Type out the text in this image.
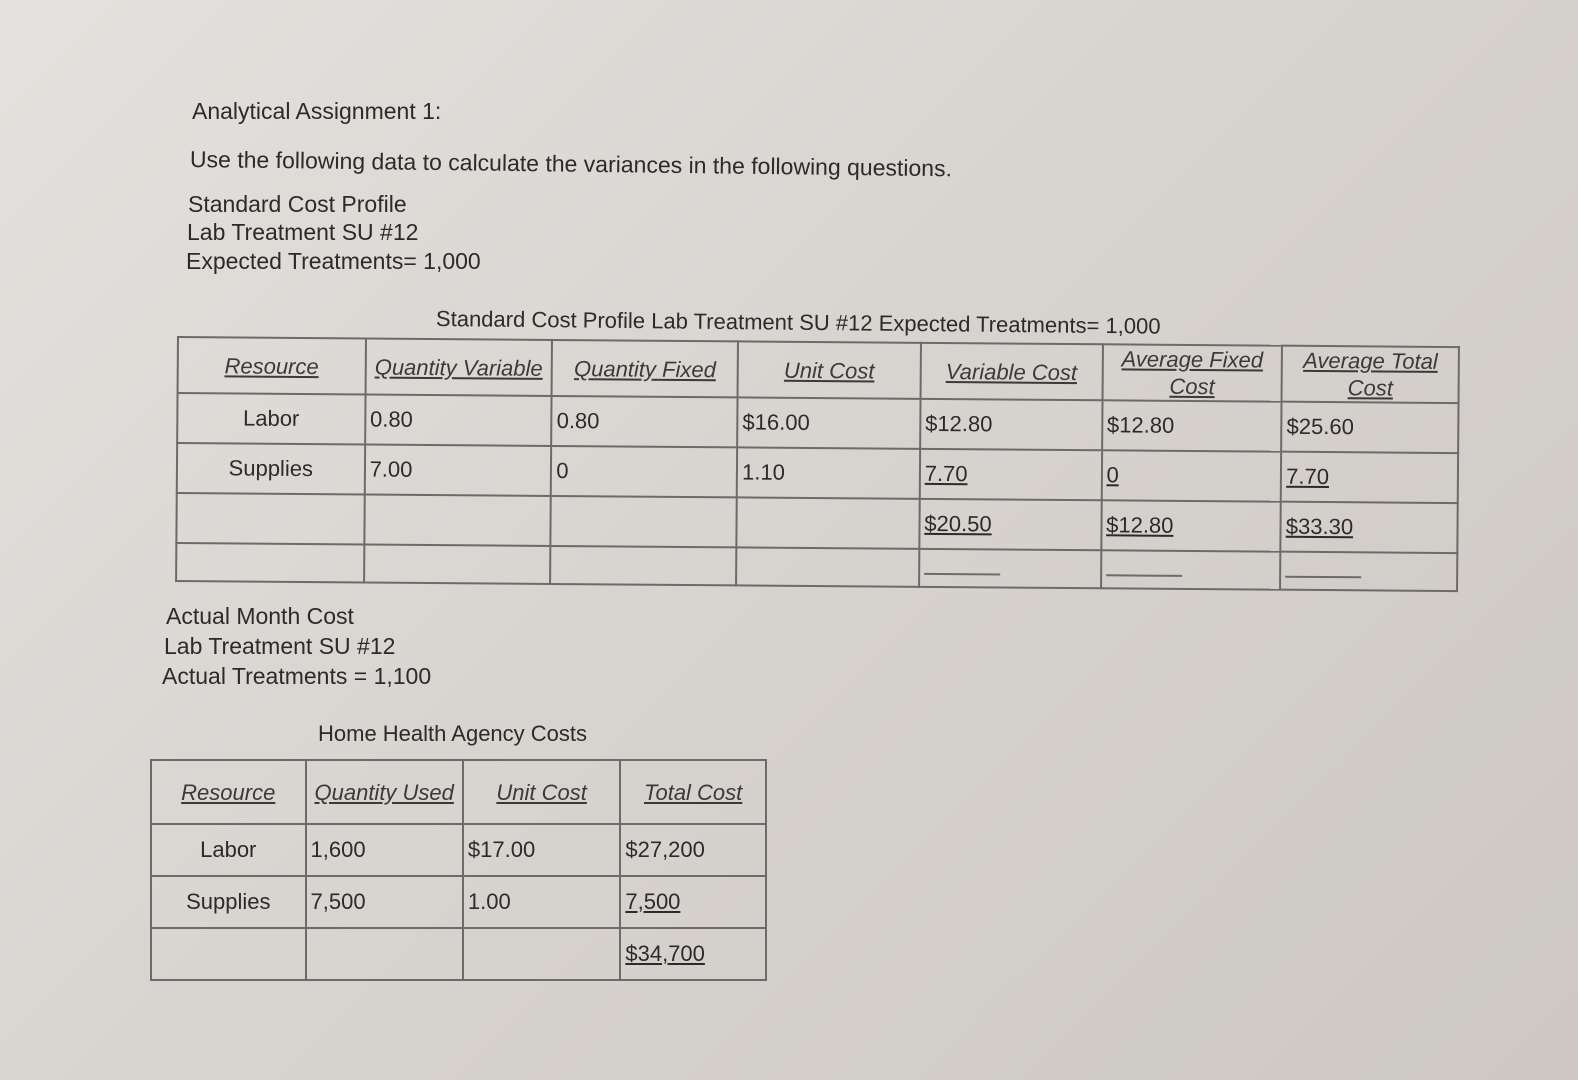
Analytical Assignment 1:
Use the following data to calculate the variances in the following questions.
Standard Cost Profile
Lab Treatment SU #12
Expected Treatments= 1,000
Standard Cost Profile Lab Treatment SU #12 Expected Treatments= 1,000
Resource	Quantity Variable	Quantity Fixed	Unit Cost	Variable Cost	Average Fixed Cost	Average Total Cost
Labor	0.80	0.80	$16.00	$12.80	$12.80	$25.60
Supplies	7.00	0	1.10	7.70	0	7.70
				$20.50	$12.80	$33.30

Actual Month Cost
Lab Treatment SU #12
Actual Treatments = 1,100
Home Health Agency Costs
Resource	Quantity Used	Unit Cost	Total Cost
Labor	1,600	$17.00	$27,200
Supplies	7,500	1.00	7,500
			$34,700
